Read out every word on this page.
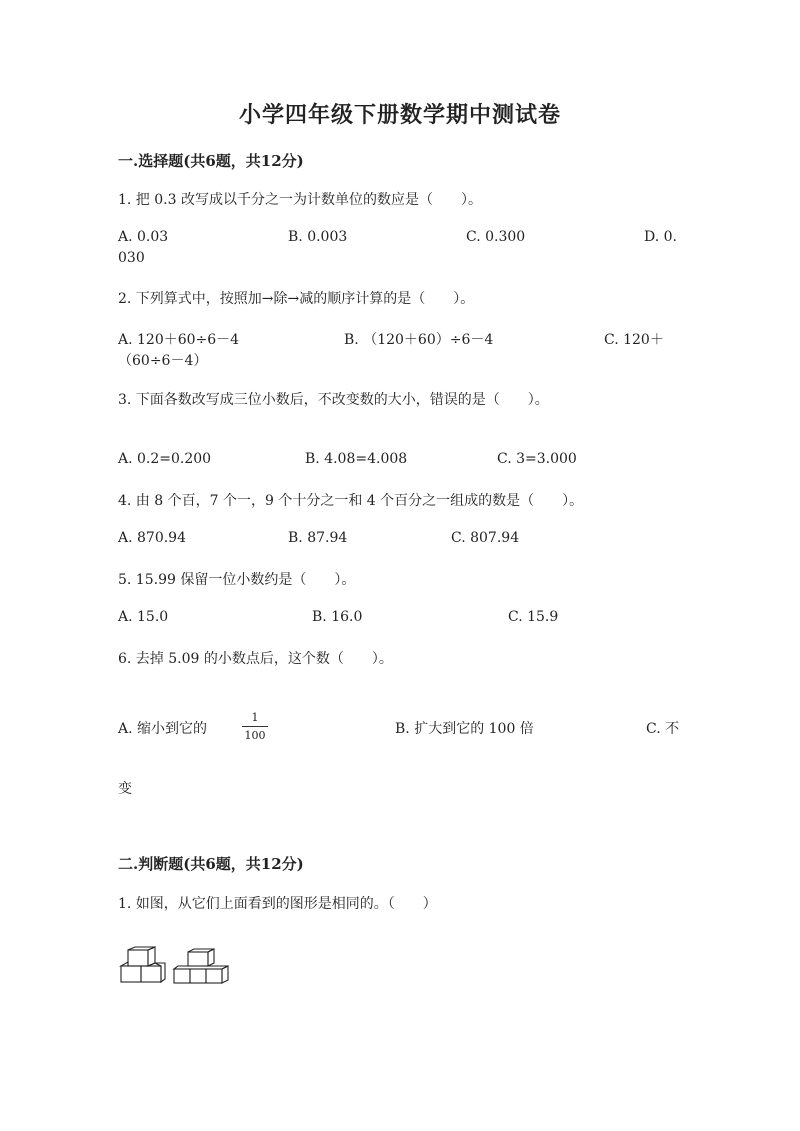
小学四年级下册数学期中测试卷
一.选择题(共6题，共12分)
1. 把 0.3 改写成以千分之一为计数单位的数应是（　　）。
A. 0.03	B. 0.003	C. 0.300	D. 0.
030
2. 下列算式中，按照加→除→减的顺序计算的是（　　）。
A. 120＋60÷6－4	B. （120＋60）÷6－4	C. 120＋
（60÷6－4）
3. 下面各数改写成三位小数后，不改变数的大小，错误的是（　　）。
A. 0.2=0.200	B. 4.08=4.008	C. 3=3.000
4. 由 8 个百，7 个一，9 个十分之一和 4 个百分之一组成的数是（　　）。
A. 870.94	B. 87.94	C. 807.94
5. 15.99 保留一位小数约是（　　）。
A. 15.0	B. 16.0	C. 15.9
6. 去掉 5.09 的小数点后，这个数（　　）。
A. 缩小到它的
1
100	B. 扩大到它的 100 倍	C. 不
变
二.判断题(共6题，共12分)
1. 如图，从它们上面看到的图形是相同的。（　　）
